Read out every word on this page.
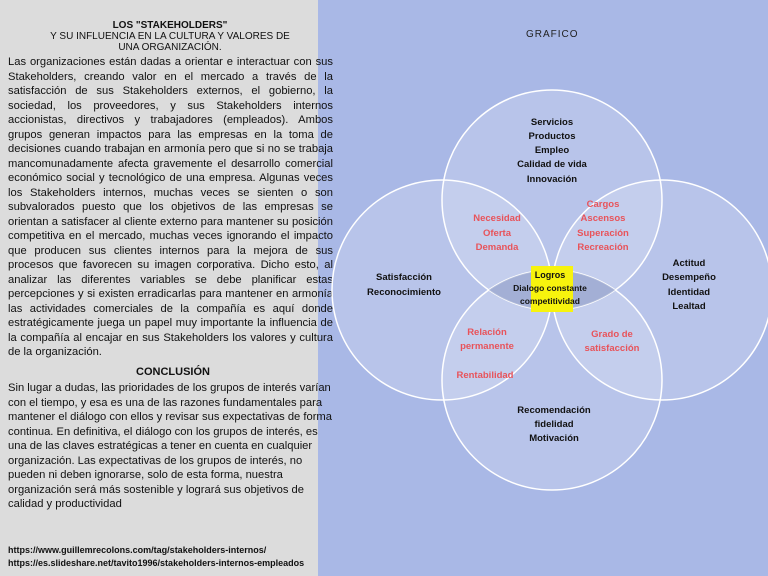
LOS "STAKEHOLDERS"
Y SU INFLUENCIA EN LA CULTURA Y VALORES DE UNA ORGANIZACIÓN.
Las organizaciones están dadas a orientar e interactuar con sus Stakeholders, creando valor en el mercado a través de la satisfacción de sus Stakeholders externos, el gobierno, la sociedad, los proveedores, y sus Stakeholders internos accionistas, directivos y trabajadores (empleados). Ambos grupos generan impactos para las empresas en la toma de decisiones cuando trabajan en armonía pero que si no se trabaja mancomunadamente afecta gravemente el desarrollo comercial económico social y tecnológico de una empresa. Algunas veces los Stakeholders internos, muchas veces se sienten o son subvalorados puesto que los objetivos de las empresas se orientan a satisfacer al cliente externo para mantener su posición competitiva en el mercado, muchas veces ignorando el impacto que producen sus clientes internos para la mejora de sus procesos que favorecen su imagen corporativa. Dicho esto, al analizar las diferentes variables se debe planificar estas percepciones y si existen erradicarlas para mantener en armonía las actividades comerciales de la compañía es aquí donde estratégicamente juega un papel muy importante la influencia de la compañía al encajar en sus Stakeholders los valores y cultura de la organización.
CONCLUSIÓN
Sin lugar a dudas, las prioridades de los grupos de interés varían con el tiempo, y esa es una de las razones fundamentales para mantener el diálogo con ellos y revisar sus expectativas de forma continua. En definitiva, el diálogo con los grupos de interés, es una de las claves estratégicas a tener en cuenta en cualquier organización. Las expectativas de los grupos de interés, no pueden ni deben ignorarse, solo de esta forma, nuestra organización será más sostenible y logrará sus objetivos de calidad y productividad
https://www.guillemrecolons.com/tag/stakeholders-internos/
https://es.slideshare.net/tavito1996/stakeholders-internos-empleados
GRAFICO
Servicios
Productos
Empleo
Calidad de vida
Innovación
Satisfacción
Reconocimiento
Actitud
Desempeño
Identidad
Lealtad
Recomendación
fidelidad
Motivación
Necesidad
Oferta
Demanda
Cargos
Ascensos
Superación
Recreación
Relación
permanente
Rentabilidad
Grado de
satisfacción
Logros
Dialogo constante
competitividad
